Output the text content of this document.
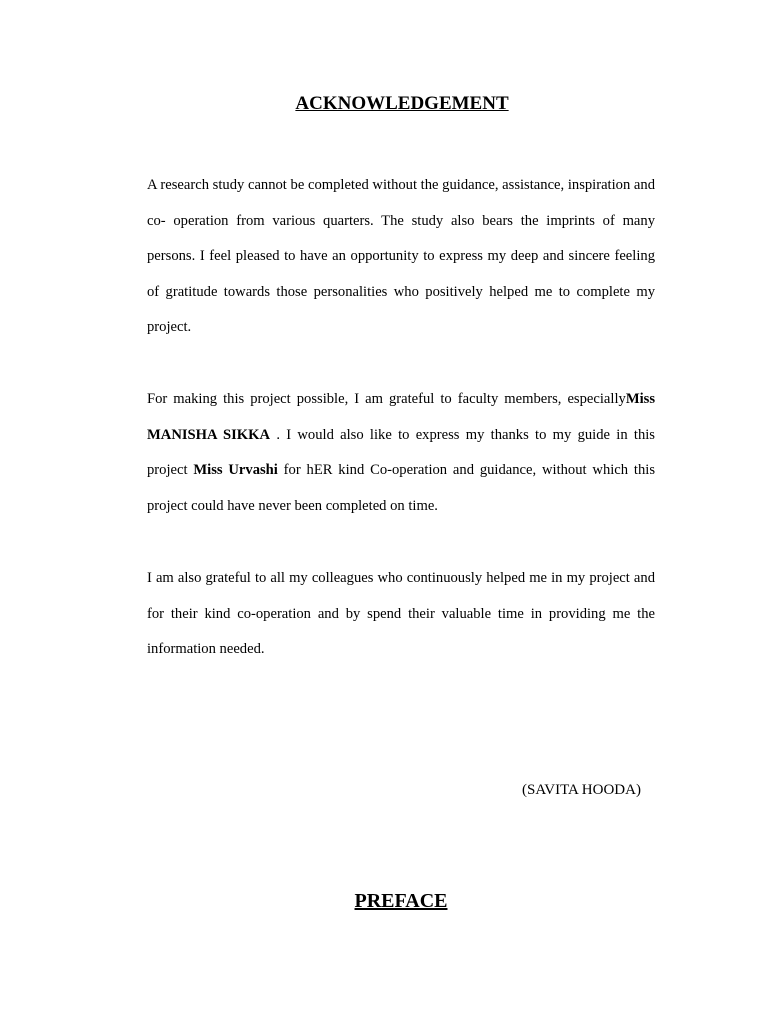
ACKNOWLEDGEMENT

A research study cannot be completed without the guidance, assistance, inspiration and co- operation from various quarters. The study also bears the imprints of many persons. I feel pleased to have an opportunity to express my deep and sincere feeling of gratitude towards those personalities who positively helped me to complete my project.

For making this project possible, I am grateful to faculty members, especiallyMiss MANISHA SIKKA . I would also like to express my thanks to my guide in this project Miss Urvashi for hER kind Co-operation and guidance, without which this project could have never been completed on time.

I am also grateful to all my colleagues who continuously helped me in my project and for their kind co-operation and by spend their valuable time in providing me the information needed.

(SAVITA HOODA)

PREFACE
